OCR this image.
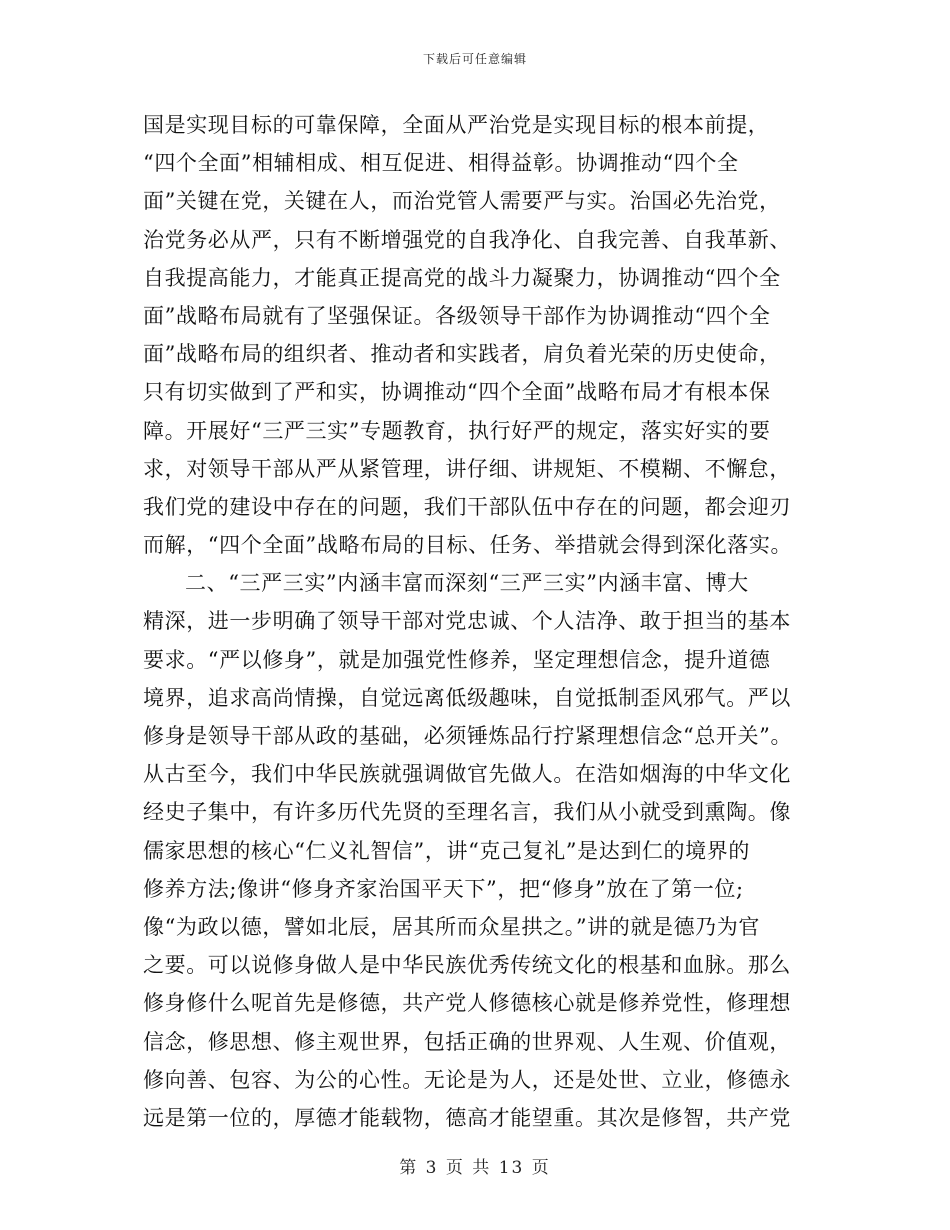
下载后可任意编辑
国是实现目标的可靠保障，全面从严治党是实现目标的根本前提，
“四个全面”相辅相成、相互促进、相得益彰。协调推动“四个全
面”关键在党，关键在人，而治党管人需要严与实。治国必先治党，
治党务必从严，只有不断增强党的自我净化、自我完善、自我革新、
自我提高能力，才能真正提高党的战斗力凝聚力，协调推动“四个全
面”战略布局就有了坚强保证。各级领导干部作为协调推动“四个全
面”战略布局的组织者、推动者和实践者，肩负着光荣的历史使命，
只有切实做到了严和实，协调推动“四个全面”战略布局才有根本保
障。开展好“三严三实”专题教育，执行好严的规定，落实好实的要
求，对领导干部从严从紧管理，讲仔细、讲规矩、不模糊、不懈怠，
我们党的建设中存在的问题，我们干部队伍中存在的问题，都会迎刃
而解，“四个全面”战略布局的目标、任务、举措就会得到深化落实。
二、“三严三实”内涵丰富而深刻“三严三实”内涵丰富、博大
精深，进一步明确了领导干部对党忠诚、个人洁净、敢于担当的基本
要求。“严以修身”，就是加强党性修养，坚定理想信念，提升道德
境界，追求高尚情操，自觉远离低级趣味，自觉抵制歪风邪气。严以
修身是领导干部从政的基础，必须锤炼品行拧紧理想信念“总开关”。
从古至今，我们中华民族就强调做官先做人。在浩如烟海的中华文化
经史子集中，有许多历代先贤的至理名言，我们从小就受到熏陶。像
儒家思想的核心“仁义礼智信”，讲“克己复礼”是达到仁的境界的
修养方法;像讲“修身齐家治国平天下”，把“修身”放在了第一位;
像“为政以德，譬如北辰，居其所而众星拱之。”讲的就是德乃为官
之要。可以说修身做人是中华民族优秀传统文化的根基和血脉。那么
修身修什么呢首先是修德，共产党人修德核心就是修养党性，修理想
信念，修思想、修主观世界，包括正确的世界观、人生观、价值观，
修向善、包容、为公的心性。无论是为人，还是处世、立业，修德永
远是第一位的，厚德才能载物，德高才能望重。其次是修智，共产党
第 3 页 共 13 页
